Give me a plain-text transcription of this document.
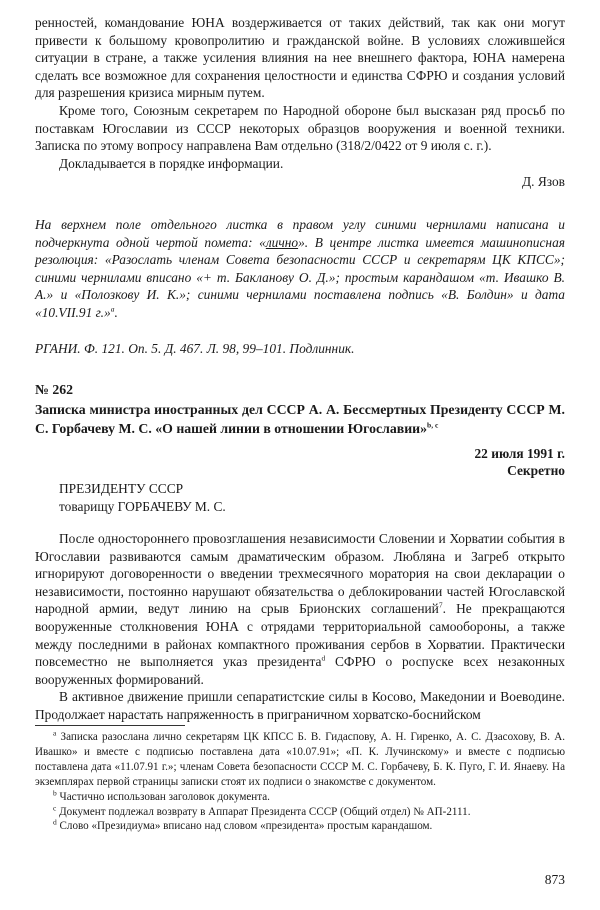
ренностей, командование ЮНА воздерживается от таких действий, так как они могут привести к большому кровопролитию и гражданской войне. В условиях сложившейся ситуации в стране, а также усиления влияния на нее внешнего фактора, ЮНА намерена сделать все возможное для сохранения целостности и единства СФРЮ и создания условий для разрешения кризиса мирным путем.

Кроме того, Союзным секретарем по Народной обороне был высказан ряд просьб по поставкам Югославии из СССР некоторых образцов вооружения и военной техники. Записка по этому вопросу направлена Вам отдельно (318/2/0422 от 9 июля с. г.).

Докладывается в порядке информации.

Д. Язов

На верхнем поле отдельного листка в правом углу синими чернилами написана и подчеркнута одной чертой помета: «лично». В центре листка имеется машинописная резолюция: «Разослать членам Совета безопасности СССР и секретарям ЦК КПСС»; синими чернилами вписано «+ т. Бакланову О. Д.»; простым карандашом «т. Ивашко В. А.» и «Полозкову И. К.»; синими чернилами поставлена подпись «В. Болдин» и дата «10.VII.91 г.»$^a$.

РГАНИ. Ф. 121. Оп. 5. Д. 467. Л. 98, 99–101. Подлинник.

№ 262

Записка министра иностранных дел СССР А. А. Бессмертных Президенту СССР М. С. Горбачеву М. С. «О нашей линии в отношении Югославии»$^{b, c}$

22 июля 1991 г.

Секретно

ПРЕЗИДЕНТУ СССР

товарищу ГОРБАЧЕВУ М. С.

После одностороннего провозглашения независимости Словении и Хорватии события в Югославии развиваются самым драматическим образом. Любляна и Загреб открыто игнорируют договоренности о введении трехмесячного моратория на свои декларации о независимости, постоянно нарушают обязательства о деблокировании частей Югославской народной армии, ведут линию на срыв Брионских соглашений$^7$. Не прекращаются вооруженные столкновения ЮНА с отрядами территориальной самообороны, а также между последними в районах компактного проживания сербов в Хорватии. Практически повсеместно не выполняется указ президента$^d$ СФРЮ о роспуске всех незаконных вооруженных формирований.

В активное движение пришли сепаратистские силы в Косово, Македонии и Воеводине. Продолжает нарастать напряженность в приграничном хорватско-боснийском

$^a$ Записка разослана лично секретарям ЦК КПСС Б. В. Гидаспову, А. Н. Гиренко, А. С. Дзасохову, В. А. Ивашко» и вместе с подписью поставлена дата «10.07.91»; «П. К. Лучинскому» и вместе с подписью поставлена дата «11.07.91 г.»; членам Совета безопасности СССР М. С. Горбачеву, Б. К. Пуго, Г. И. Янаеву. На экземплярах первой страницы записки стоят их подписи о знакомстве с документом.

$^b$ Частично использован заголовок документа.

$^c$ Документ подлежал возврату в Аппарат Президента СССР (Общий отдел) № АП-2111.

$^d$ Слово «Президиума» вписано над словом «президента» простым карандашом.

873
